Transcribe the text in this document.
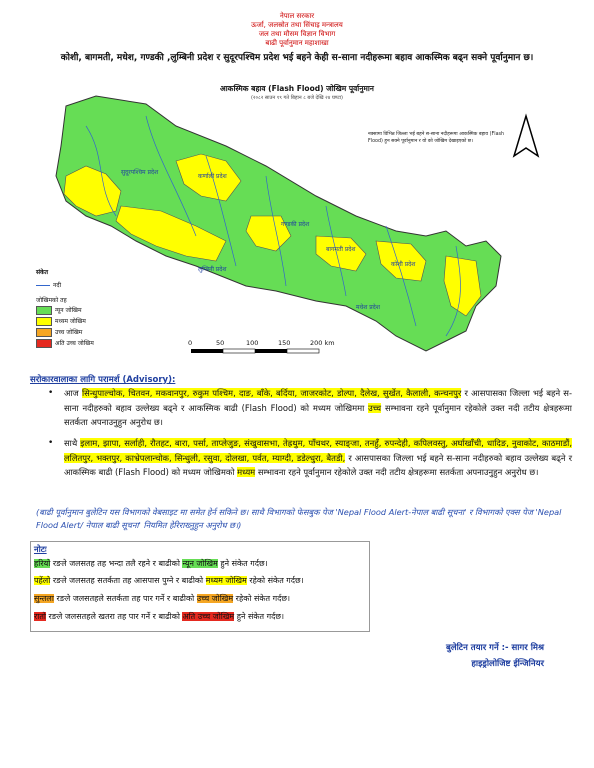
नेपाल सरकार
ऊर्जा, जलस्रोत तथा सिंचाइ मन्त्रालय
जल तथा मौसम विज्ञान विभाग
बाढी पूर्वानुमान महाशाखा
कोशी, बागमती, मधेश, गण्डकी ,लुम्बिनी प्रदेश र सुदूरपश्चिम प्रदेश भई बहने केही स-साना नदीहरूमा बहाव आकस्मिक बढ्न सक्ने पूर्वानुमान छ।
सुदूरपश्चिम प्रदेश
कर्णाली प्रदेश
गण्डकी प्रदेश
लुम्बिनी प्रदेश
बागमती प्रदेश
कोशी प्रदेश
मधेश प्रदेश
आकस्मिक बहाव (Flash Flood) जोखिम पूर्वानुमान
(२०८२ साउन १९ गते बिहान ८ बजे देखि २४ घण्टा)
नक्सामा विभिन्न जिल्ला भई बहने स-साना नदीहरूमा आकस्मिक बहाव (Flash Flood) हुन सक्ने पूर्वानुमान र यो को जोखिम देखाइएको छ।
0	50	100	150	200 km
संकेत
नदी
जोखिमको तह
न्यून जोखिम
मध्यम जोखिम
उच्च जोखिम
अति उच्च जोखिम
सरोकारवालाका लागि परामर्श (Advisory):
• आज सिन्धुपाल्चोक, चितवन, मकवानपुर, रुकुम पश्चिम, दाङ, बाँके, बर्दिया, जाजरकोट, डोल्पा, दैलेख, सुर्खेत, कैलाली, कन्चनपुर र आसपासका जिल्ला भई बहने स-साना नदीहरुको बहाव उल्लेख्य बढ्ने र आकस्मिक बाढी (Flash Flood) को मध्यम जोखिममा उच्च सम्भावना रहने पूर्वानुमान रहेकोले उक्त नदी तटीय क्षेत्रहरूमा सतर्कता अपनाउनुहुन अनुरोध छ।
• साथै इलाम, झापा, सर्लाही, रौतहट, बारा, पर्सा, ताप्लेजुङ, संखुवासभा, तेह्रथुम, पाँचथर, स्याङ्जा, तनहुँ, रुपन्देही, कपिलवस्तु, अर्घाखाँची, धादिङ, नुवाकोट, काठमाडौं, ललितपुर, भक्तपुर, काभ्रेपलान्चोक, सिन्धुली, रसुवा, दोलखा, पर्वत, म्याग्दी, डडेल्धुरा, बैतडी, र आसपासका जिल्ला भई बहने स-साना नदीहरुको बहाव उल्लेख्य बढ्ने र आकस्मिक बाढी (Flash Flood) को मध्यम जोखिमको मध्यम सम्भावना रहने पूर्वानुमान रहेकोले उक्त नदी तटीय क्षेत्रहरूमा सतर्कता अपनाउनुहुन अनुरोध छ।
(बाढी पूर्वानुमान बुलेटिन यस विभागको वेबसाइट मा समेत हेर्न सकिने छ। साथै विभागको फेसबुक पेज 'Nepal Flood Alert-नेपाल बाढी सूचना' र विभागको एक्स पेज 'Nepal Flood Alert/ नेपाल बाढी सूचना' नियमित हेरिराख्नुहुन अनुरोध छ।)
नोटः
हरियो रङले जलसतह तह भन्दा तलै रहने र बाढीको न्यून जोखिम हुने संकेत गर्दछ।
पहेंलो रङले जलसतह सतर्कता तह आसपास पुग्ने र बाढीको मध्यम जोखिम रहेको संकेत गर्दछ।
सुन्तला रङले जलसतहले सतर्कता तह पार गर्ने र बाढीको उच्च जोखिम रहेको संकेत गर्दछ।
रातो रङले जलसतहले खतरा तह पार गर्ने र बाढीको अति उच्च जोखिम हुने संकेत गर्दछ।
बुलेटिन तयार गर्ने :- सागर मिश्र
हाइड्रोलोजिष्ट ईन्जिनियर
